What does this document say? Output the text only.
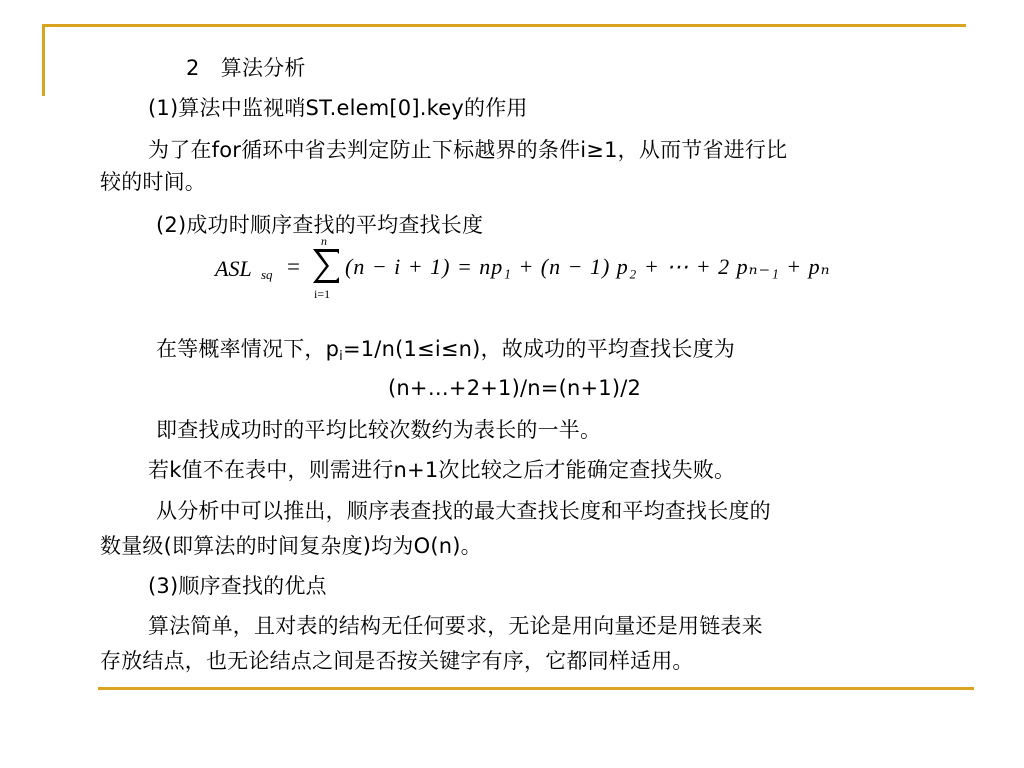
2　算法分析
(1)算法中监视哨ST.elem[0].key的作用
为了在for循环中省去判定防止下标越界的条件i≥1，从而节省进行比
较的时间。
(2)成功时顺序查找的平均查找长度
ASL sq =
n
i=1
(n − i + 1) = np₁ + (n − 1) p₂ + ⋯ + 2 pₙ₋₁ + pₙ
在等概率情况下，$p_i=1/n(1\le i\le n)$，故成功的平均查找长度为
(n+…+2+1)/n=(n+1)/2
即查找成功时的平均比较次数约为表长的一半。
若k值不在表中，则需进行n+1次比较之后才能确定查找失败。
从分析中可以推出，顺序表查找的最大查找长度和平均查找长度的
数量级(即算法的时间复杂度)均为O(n)。
(3)顺序查找的优点
算法简单，且对表的结构无任何要求，无论是用向量还是用链表来
存放结点，也无论结点之间是否按关键字有序，它都同样适用。
